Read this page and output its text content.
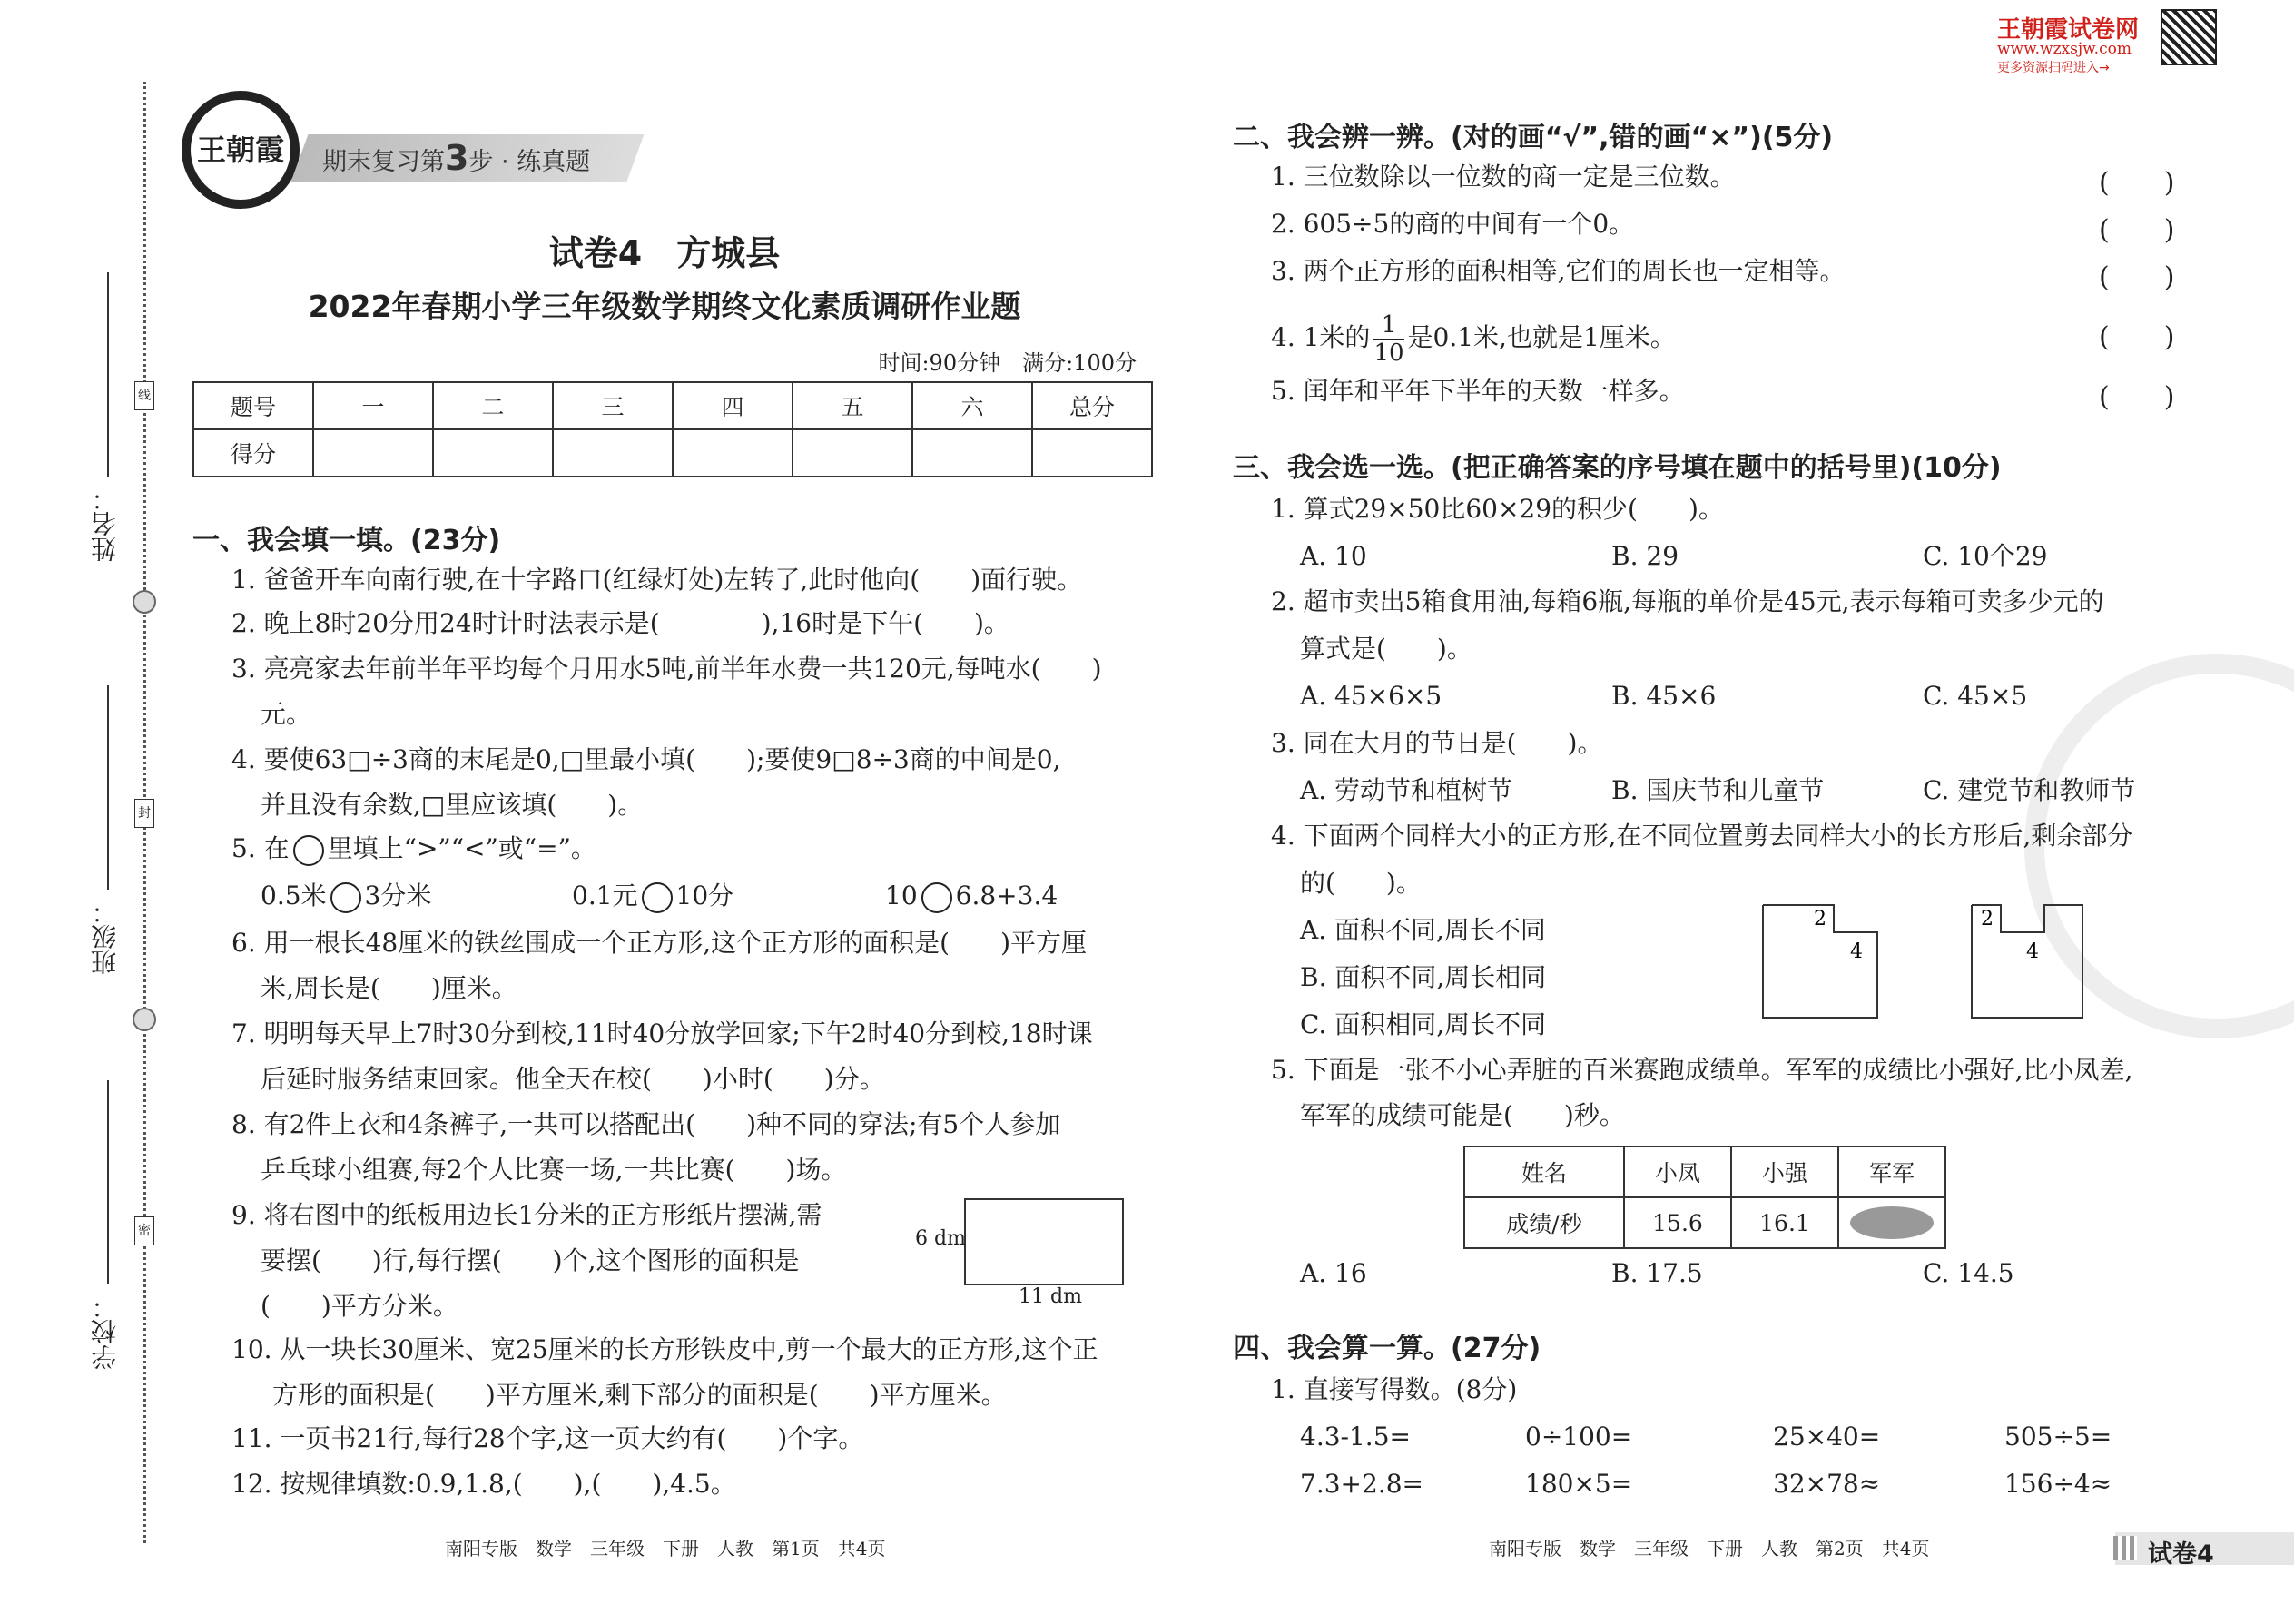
线
封
密
姓名：
班级：
学校：
王朝霞	期末复习第3步 · 练真题
试卷4　方城县
2022年春期小学三年级数学期终文化素质调研作业题
时间:90分钟　满分:100分
题号	一	二	三	四	五	六	总分
得分							
一、我会填一填。(23分)
1. 爸爸开车向南行驶,在十字路口(红绿灯处)左转了,此时他向(　　)面行驶。
2. 晚上8时20分用24时计时法表示是(　　　　),16时是下午(　　)。
3. 亮亮家去年前半年平均每个月用水5吨,前半年水费一共120元,每吨水(　　)
元。
4. 要使63□÷3商的末尾是0,□里最小填(　　);要使9□8÷3商的中间是0,
并且没有余数,□里应该填(　　)。
5. 在 里填上“>”“<”或“=”。
0.5米 3分米	0.1元 10分	10 6.8+3.4
6. 用一根长48厘米的铁丝围成一个正方形,这个正方形的面积是(　　)平方厘
米,周长是(　　)厘米。
7. 明明每天早上7时30分到校,11时40分放学回家;下午2时40分到校,18时课
后延时服务结束回家。他全天在校(　　)小时(　　)分。
8. 有2件上衣和4条裤子,一共可以搭配出(　　)种不同的穿法;有5个人参加
乒乓球小组赛,每2个人比赛一场,一共比赛(　　)场。
9. 将右图中的纸板用边长1分米的正方形纸片摆满,需
要摆(　　)行,每行摆(　　)个,这个图形的面积是
(　　)平方分米。
6 dm
11 dm
10. 从一块长30厘米、宽25厘米的长方形铁皮中,剪一个最大的正方形,这个正
方形的面积是(　　)平方厘米,剩下部分的面积是(　　)平方厘米。
11. 一页书21行,每行28个字,这一页大约有(　　)个字。
12. 按规律填数:0.9,1.8,(　　),(　　),4.5。
南阳专版　数学　三年级　下册　人教　第1页　共4页
王朝霞试卷网
www.wzxsjw.com
更多资源扫码进入→
二、我会辨一辨。(对的画“√”,错的画“×”)(5分)
1. 三位数除以一位数的商一定是三位数。
2. 605÷5的商的中间有一个0。
3. 两个正方形的面积相等,它们的周长也一定相等。
4. 1米的 $\frac{1}{10}$ 是0.1米,也就是1厘米。
5. 闰年和平年下半年的天数一样多。
(　　)
(　　)
(　　)
(　　)
(　　)
三、我会选一选。(把正确答案的序号填在题中的括号里)(10分)
1. 算式29×50比60×29的积少(　　)。
A. 10	B. 29	C. 10个29
2. 超市卖出5箱食用油,每箱6瓶,每瓶的单价是45元,表示每箱可卖多少元的
算式是(　　)。
A. 45×6×5	B. 45×6	C. 45×5
3. 同在大月的节日是(　　)。
A. 劳动节和植树节	B. 国庆节和儿童节	C. 建党节和教师节
4. 下面两个同样大小的正方形,在不同位置剪去同样大小的长方形后,剩余部分
的(　　)。
A. 面积不同,周长不同
B. 面积不同,周长相同
C. 面积相同,周长不同
2
4
2
4
5. 下面是一张不小心弄脏的百米赛跑成绩单。军军的成绩比小强好,比小凤差,
军军的成绩可能是(　　)秒。
姓名	小凤	小强	军军
成绩/秒	15.6	16.1	
A. 16	B. 17.5	C. 14.5
四、我会算一算。(27分)
1. 直接写得数。(8分)
4.3-1.5=	0÷100=	25×40=	505÷5=
7.3+2.8=	180×5=	32×78≈	156÷4≈
南阳专版　数学　三年级　下册　人教　第2页　共4页	试卷4
